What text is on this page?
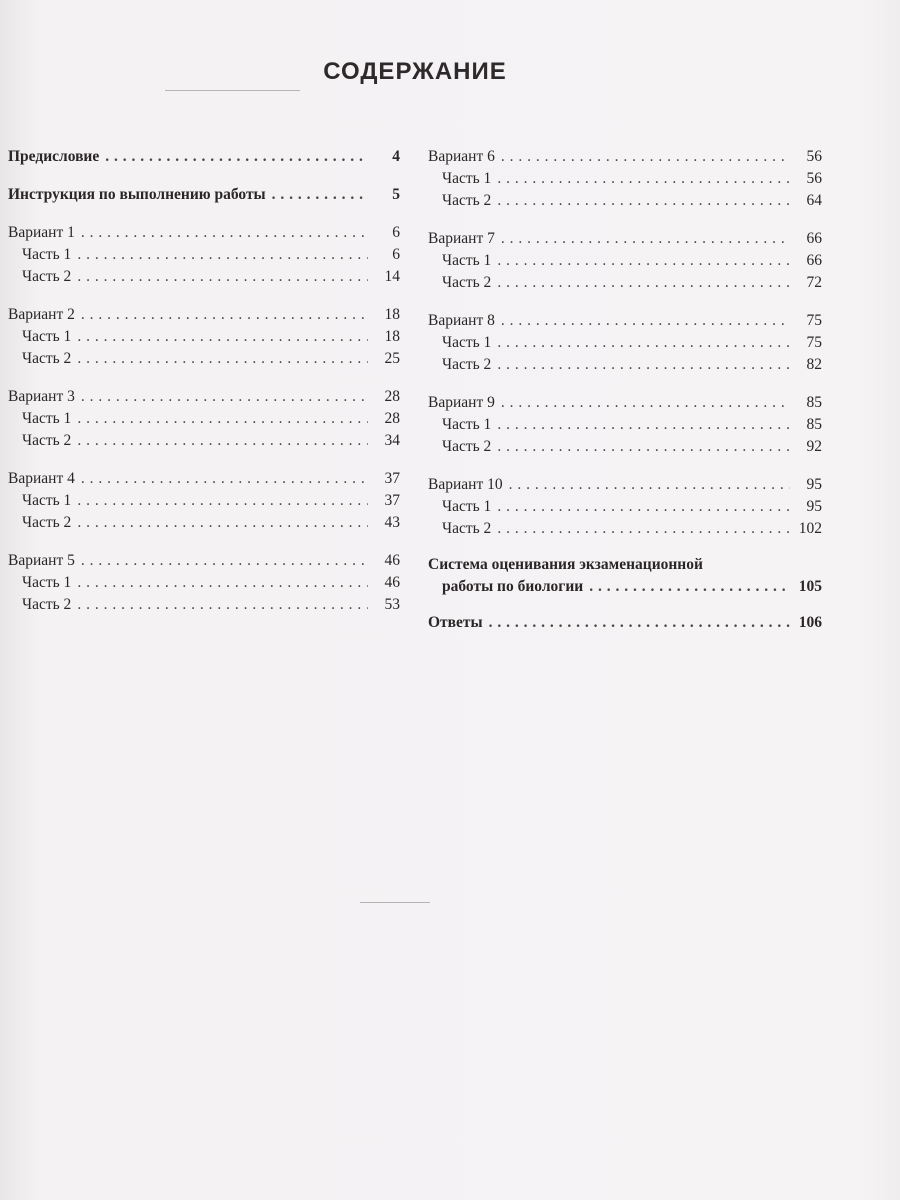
СОДЕРЖАНИЕ
Предисловие . . .	4
Инструкция по выполнению работы . . .	5
Вариант 1 . . .	6
Часть 1 . . .	6
Часть 2 . . .	14
Вариант 2 . . .	18
Часть 1 . . .	18
Часть 2 . . .	25
Вариант 3 . . .	28
Часть 1 . . .	28
Часть 2 . . .	34
Вариант 4 . . .	37
Часть 1 . . .	37
Часть 2 . . .	43
Вариант 5 . . .	46
Часть 1 . . .	46
Часть 2 . . .	53
Вариант 6 . . .	56
Часть 1 . . .	56
Часть 2 . . .	64
Вариант 7 . . .	66
Часть 1 . . .	66
Часть 2 . . .	72
Вариант 8 . . .	75
Часть 1 . . .	75
Часть 2 . . .	82
Вариант 9 . . .	85
Часть 1 . . .	85
Часть 2 . . .	92
Вариант 10 . . .	95
Часть 1 . . .	95
Часть 2 . . .	102
Система оценивания экзаменационной
работы по биологии . . .	105
Ответы . . .	106
